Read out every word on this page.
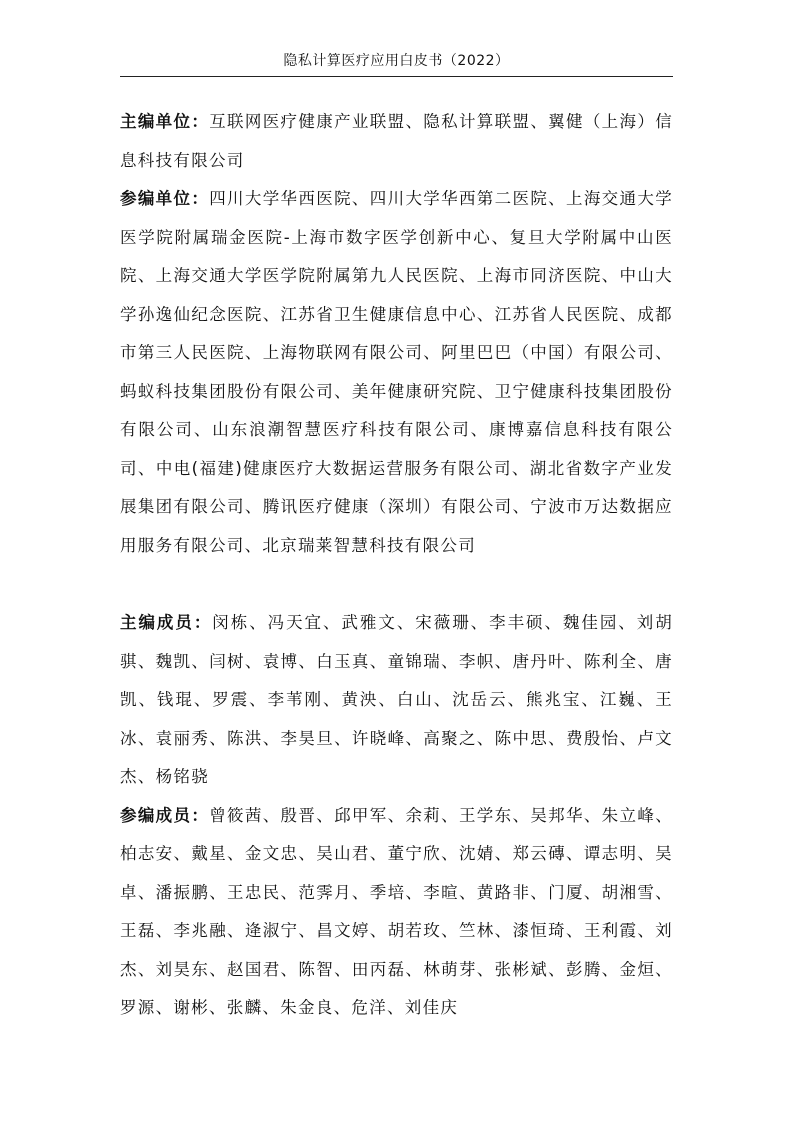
隐私计算医疗应用白皮书（2022）

主编单位：互联网医疗健康产业联盟、隐私计算联盟、翼健（上海）信息科技有限公司

参编单位：四川大学华西医院、四川大学华西第二医院、上海交通大学医学院附属瑞金医院-上海市数字医学创新中心、复旦大学附属中山医院、上海交通大学医学院附属第九人民医院、上海市同济医院、中山大学孙逸仙纪念医院、江苏省卫生健康信息中心、江苏省人民医院、成都市第三人民医院、上海物联网有限公司、阿里巴巴（中国）有限公司、蚂蚁科技集团股份有限公司、美年健康研究院、卫宁健康科技集团股份有限公司、山东浪潮智慧医疗科技有限公司、康博嘉信息科技有限公司、中电(福建)健康医疗大数据运营服务有限公司、湖北省数字产业发展集团有限公司、腾讯医疗健康（深圳）有限公司、宁波市万达数据应用服务有限公司、北京瑞莱智慧科技有限公司

主编成员：闵栋、冯天宜、武雅文、宋薇珊、李丰硕、魏佳园、刘胡骐、魏凯、闫树、袁博、白玉真、童锦瑞、李帜、唐丹叶、陈利全、唐凯、钱琨、罗震、李苇刚、黄泱、白山、沈岳云、熊兆宝、江巍、王冰、袁丽秀、陈洪、李昊旦、许晓峰、高聚之、陈中思、费殷怡、卢文杰、杨铭骁

参编成员：曾筱茜、殷晋、邱甲军、余莉、王学东、吴邦华、朱立峰、柏志安、戴星、金文忠、吴山君、董宁欣、沈婧、郑云磚、谭志明、吴卓、潘振鹏、王忠民、范霁月、季培、李暄、黄路非、门厦、胡湘雪、王磊、李兆融、逄淑宁、昌文婷、胡若玫、竺林、漆恒琦、王利霞、刘杰、刘昊东、赵国君、陈智、田丙磊、林萌芽、张彬斌、彭腾、金烜、罗源、谢彬、张麟、朱金良、危洋、刘佳庆
